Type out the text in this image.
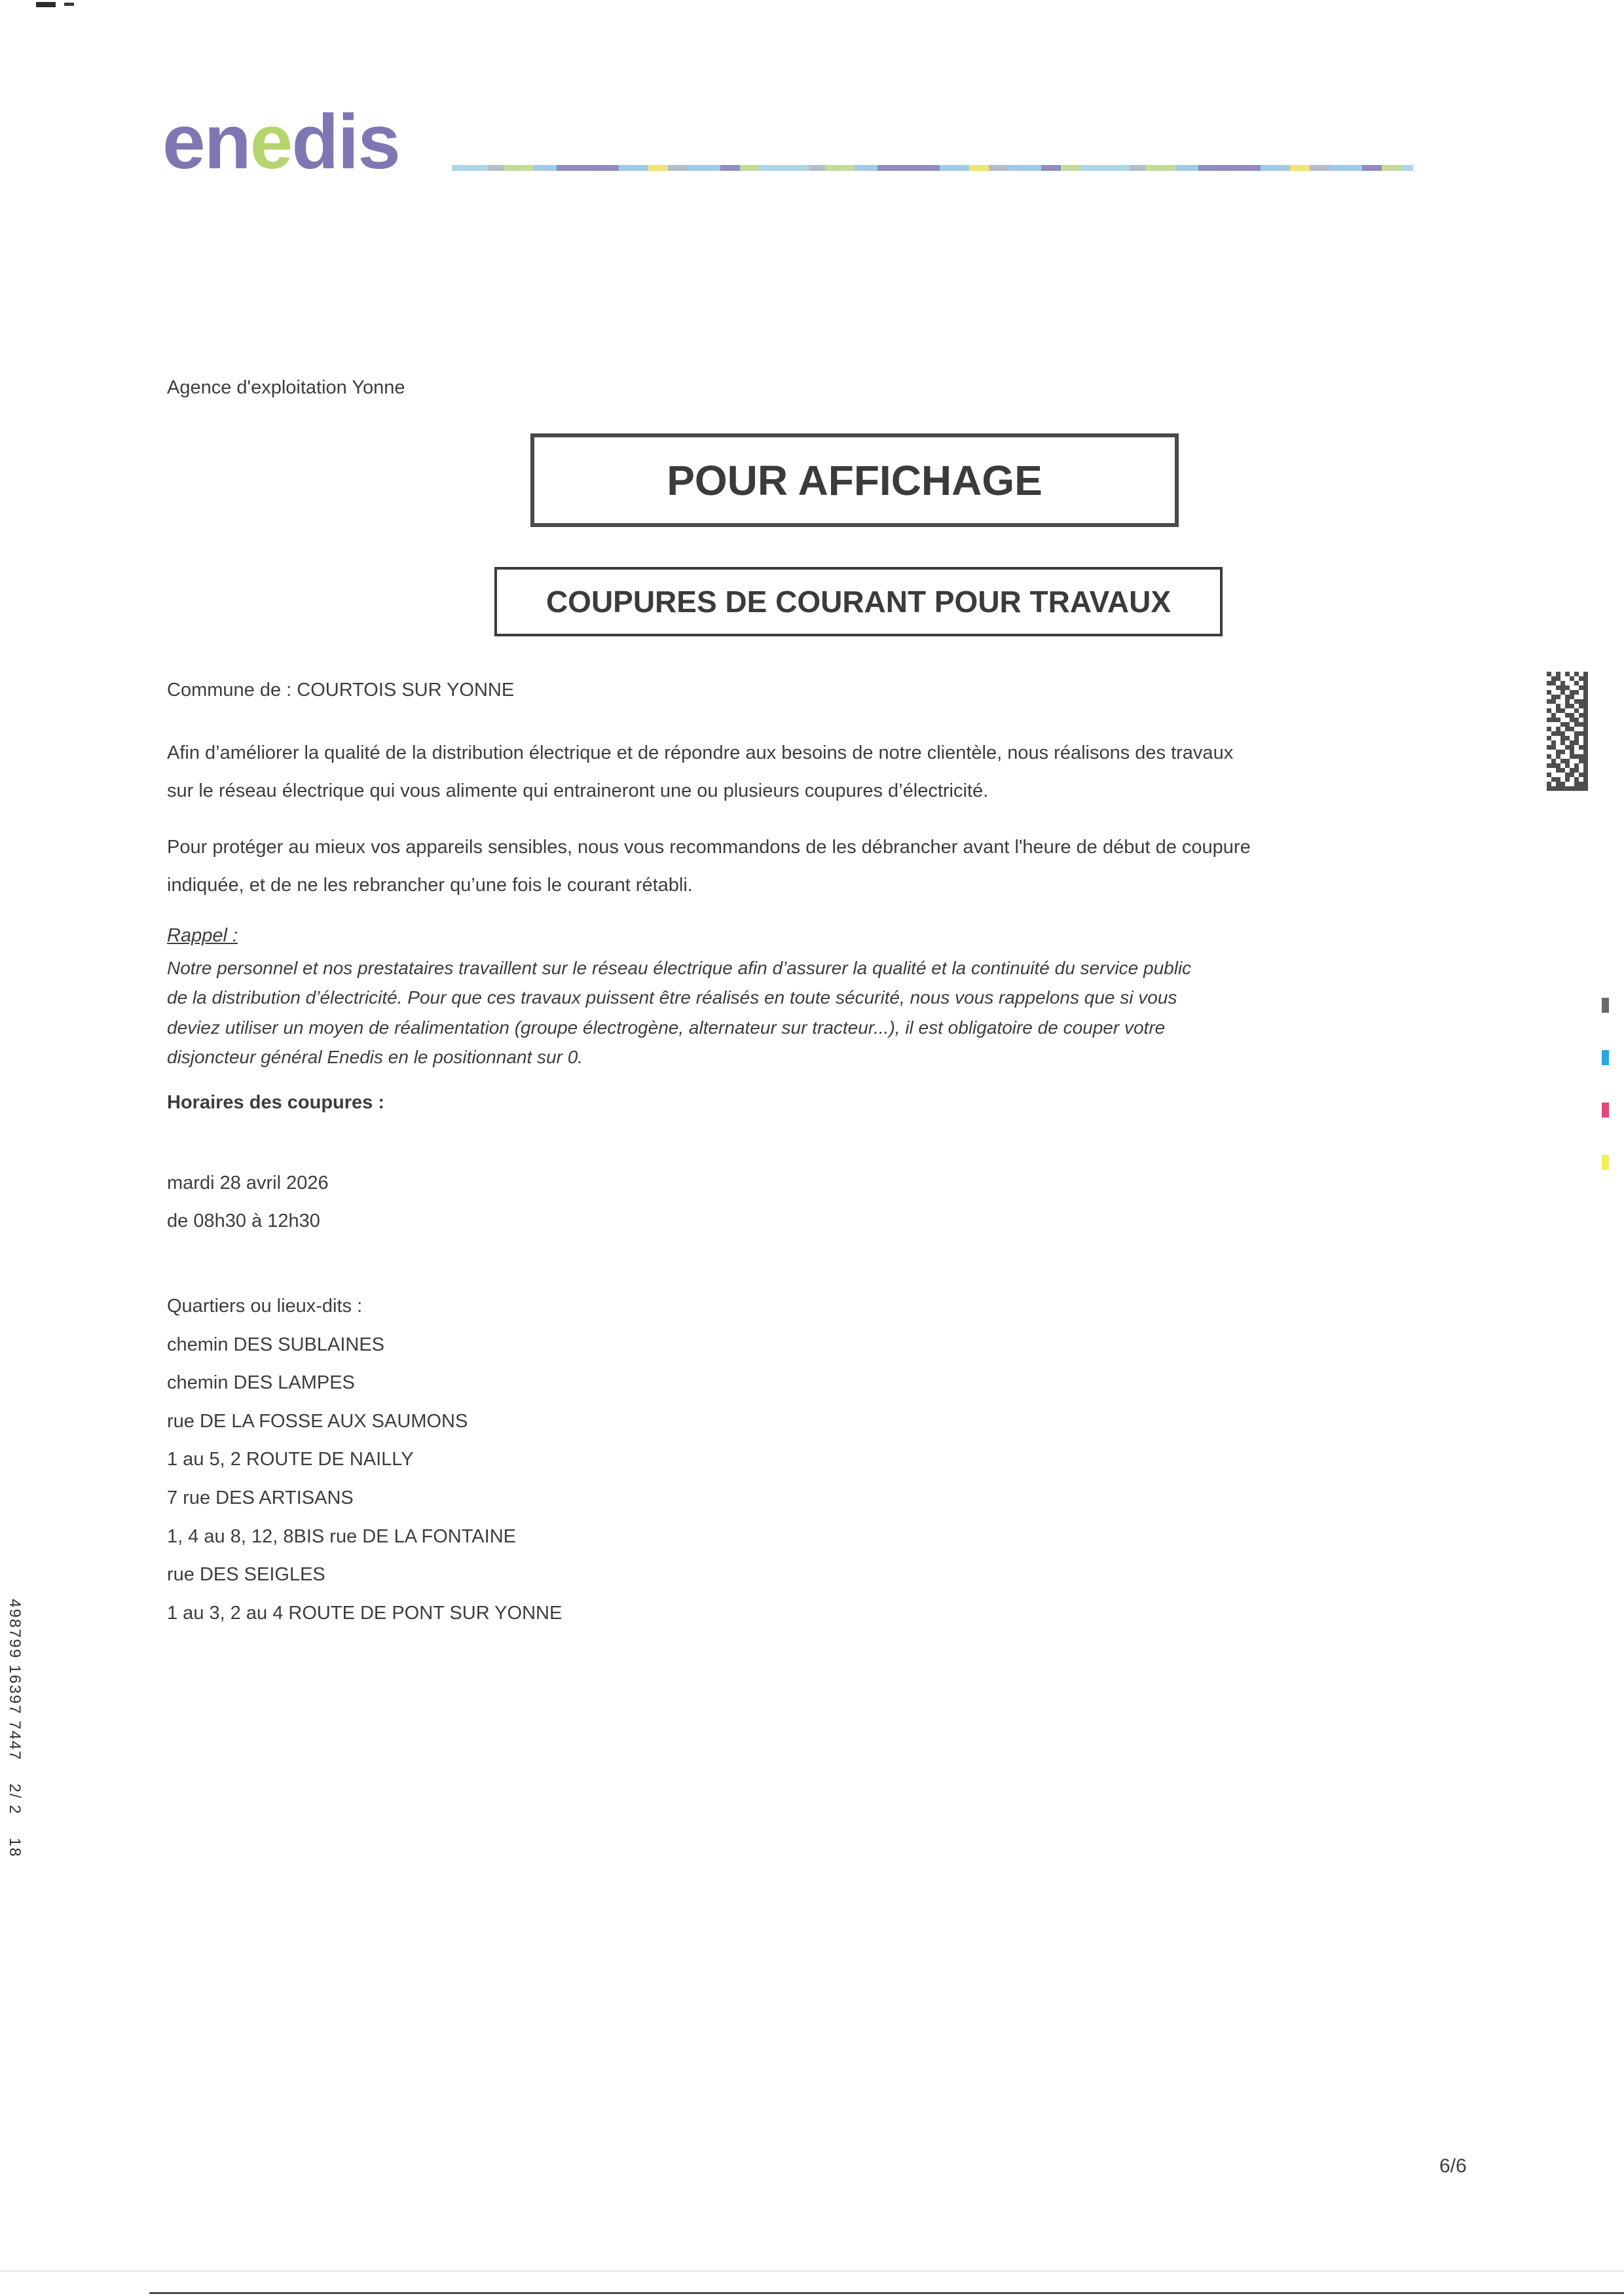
enedis
Agence d'exploitation Yonne
POUR AFFICHAGE
COUPURES DE COURANT POUR TRAVAUX
Commune de : COURTOIS SUR YONNE
Afin d’améliorer la qualité de la distribution électrique et de répondre aux besoins de notre clientèle, nous réalisons des travaux
sur le réseau électrique qui vous alimente qui entraineront une ou plusieurs coupures d’électricité.
Pour protéger au mieux vos appareils sensibles, nous vous recommandons de les débrancher avant l'heure de début de coupure
indiquée, et de ne les rebrancher qu’une fois le courant rétabli.
Rappel :
Notre personnel et nos prestataires travaillent sur le réseau électrique afin d’assurer la qualité et la continuité du service public
de la distribution d’électricité. Pour que ces travaux puissent être réalisés en toute sécurité, nous vous rappelons que si vous
deviez utiliser un moyen de réalimentation (groupe électrogène, alternateur sur tracteur...), il est obligatoire de couper votre
disjoncteur général Enedis en le positionnant sur 0.
Horaires des coupures :
mardi 28 avril 2026
de 08h30 à 12h30
Quartiers ou lieux-dits :
chemin DES SUBLAINES
chemin DES LAMPES
rue DE LA FOSSE AUX SAUMONS
1 au 5, 2 ROUTE DE NAILLY
7 rue DES ARTISANS
1, 4 au 8, 12, 8BIS rue DE LA FONTAINE
rue DES SEIGLES
1 au 3, 2 au 4 ROUTE DE PONT SUR YONNE
498799 16397 7447    2/ 2    18
6/6
